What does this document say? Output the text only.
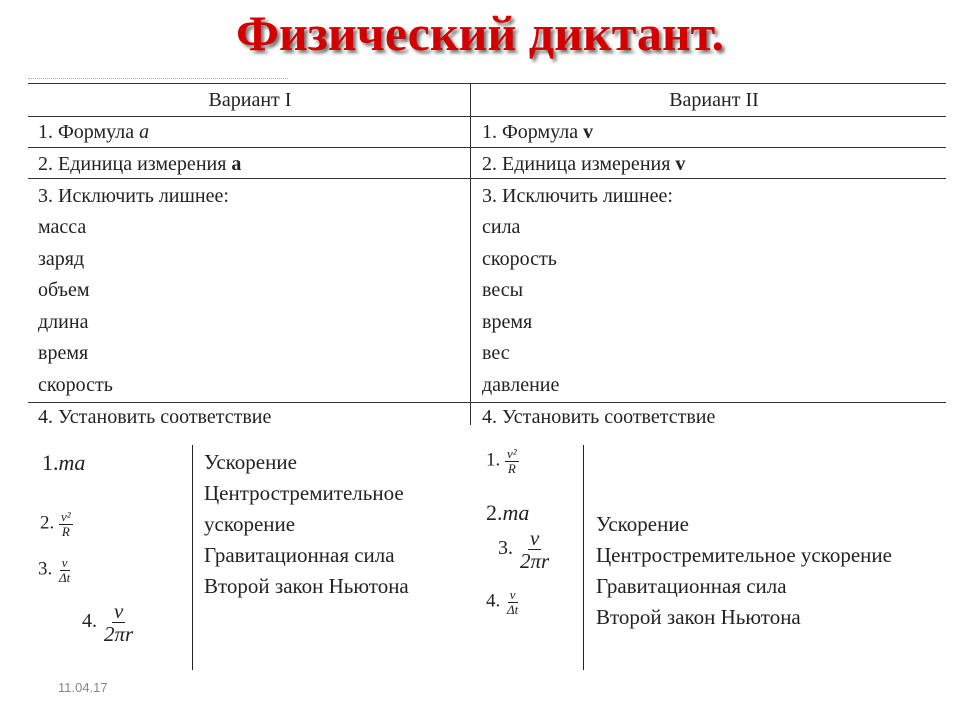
Физический диктант.
Вариант I	Вариант II
1. Формула a
2. Единица измерения a
3. Исключить лишнее:
масса
заряд
объем
длина
время
скорость
4. Установить соответствие
1.ma
2. $\frac{\text{v²}}{R}$
3. $\frac{v}{\Delta t}$
4. $\frac{v}{2\pi r}$
Ускорение
Центростремительное
ускорение
Гравитационная сила
Второй закон Ньютона
1. Формула v
2. Единица измерения v
3. Исключить лишнее:
сила
скорость
весы
время
вес
давление
4. Установить соответствие
1. $\frac{\text{v²}}{R}$
2.ma
3. $\frac{v}{2\pi r}$
4. $\frac{v}{\Delta t}$
Ускорение
Центростремительное ускорение
Гравитационная сила
Второй закон Ньютона
11.04.17
